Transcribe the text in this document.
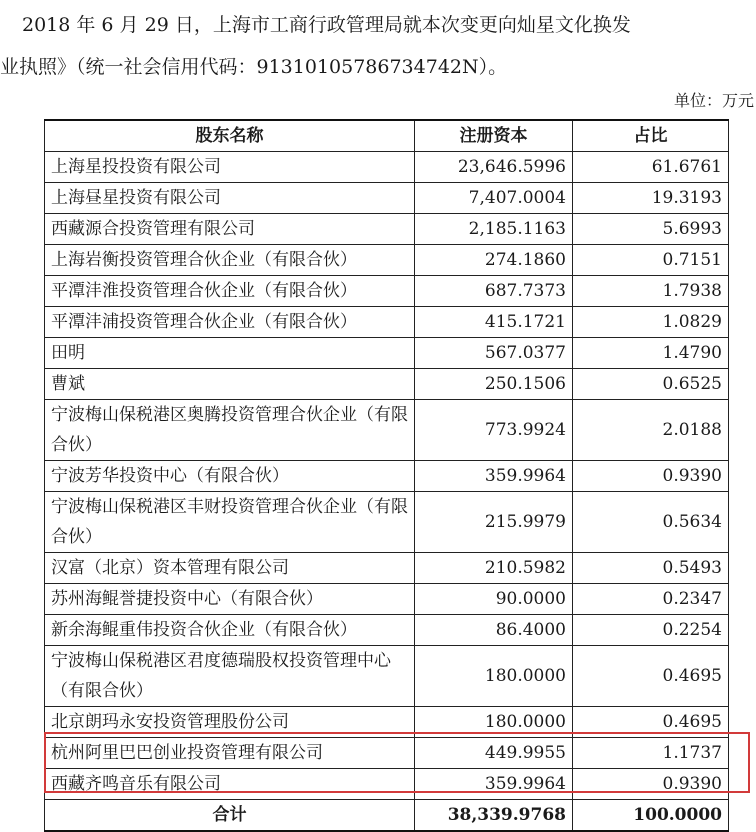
2018 年 6 月 29 日，上海市工商行政管理局就本次变更向灿星文化换发
业执照》（统一社会信用代码：91310105786734742N）。
单位：万元
股东名称	注册资本	占比
上海星投投资有限公司	23,646.5996	61.6761
上海昼星投资有限公司	7,407.0004	19.3193
西藏源合投资管理有限公司	2,185.1163	5.6993
上海岩衡投资管理合伙企业（有限合伙）	274.1860	0.7151
平潭沣淮投资管理合伙企业（有限合伙）	687.7373	1.7938
平潭沣浦投资管理合伙企业（有限合伙）	415.1721	1.0829
田明	567.0377	1.4790
曹斌	250.1506	0.6525
宁波梅山保税港区奥腾投资管理合伙企业（有限合伙）	773.9924	2.0188
宁波芳华投资中心（有限合伙）	359.9964	0.9390
宁波梅山保税港区丰财投资管理合伙企业（有限合伙）	215.9979	0.5634
汉富（北京）资本管理有限公司	210.5982	0.5493
苏州海鲲誉捷投资中心（有限合伙）	90.0000	0.2347
新余海鲲重伟投资合伙企业（有限合伙）	86.4000	0.2254
宁波梅山保税港区君度德瑞股权投资管理中心（有限合伙）	180.0000	0.4695
北京朗玛永安投资管理股份公司	180.0000	0.4695
杭州阿里巴巴创业投资管理有限公司	449.9955	1.1737
西藏齐鸣音乐有限公司	359.9964	0.9390
合计	38,339.9768	100.0000
